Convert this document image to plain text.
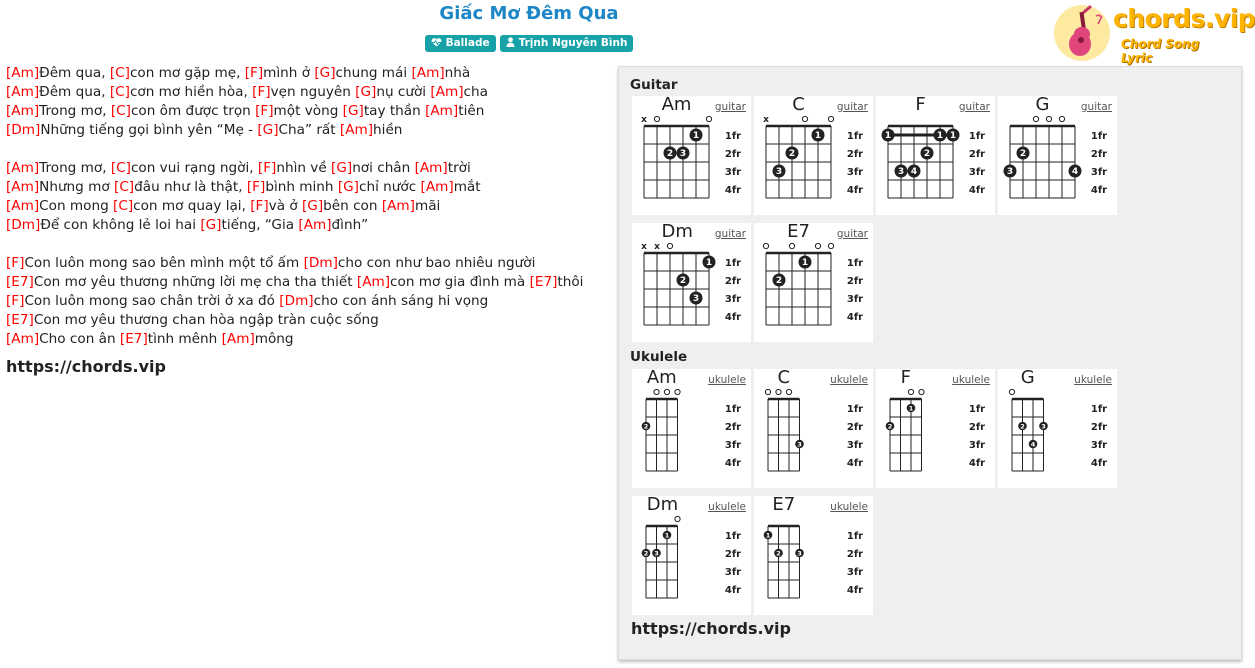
Giấc Mơ Đêm Qua
Ballade	Trịnh Nguyên Bình
chords.vip
Chord Song Lyric
[Am]Đêm qua, [C]con mơ gặp mẹ, [F]mình ở [G]chung mái [Am]nhà
[Am]Đêm qua, [C]cơn mơ hiền hòa, [F]vẹn nguyên [G]nụ cười [Am]cha
[Am]Trong mơ, [C]con ôm được trọn [F]một vòng [G]tay thần [Am]tiên
[Dm]Những tiếng gọi bình yên “Mẹ - [G]Cha” rất [Am]hiền
[Am]Trong mơ, [C]con vui rạng ngời, [F]nhìn về [G]nơi chân [Am]trời
[Am]Nhưng mơ [C]đâu như là thật, [F]bình minh [G]chỉ nước [Am]mắt
[Am]Con mong [C]con mơ quay lại, [F]và ở [G]bên con [Am]mãi
[Dm]Để con không lẻ loi hai [G]tiếng, “Gia [Am]đình”
[F]Con luôn mong sao bên mình một tổ ấm [Dm]cho con như bao nhiêu người
[E7]Con mơ yêu thương những lời mẹ cha tha thiết [Am]con mơ gia đình mà [E7]thôi
[F]Con luôn mong sao chân trời ở xa đó [Dm]cho con ánh sáng hi vọng
[E7]Con mơ yêu thương chan hòa ngập tràn cuộc sống
[Am]Cho con ân [E7]tình mênh [Am]mông
https://chords.vip
Guitar
Ukulele
https://chords.vip
x
1
2 3
1fr
2fr
3fr
4fr
Am guitar
x
1
2
3
1fr
2fr
3fr
4fr
C	guitar
1	1
1
2
3 4
1fr
2fr
3fr
4fr
F	guitar
2
3	4
1fr
2fr
3fr
4fr
G	guitar
x x
1
2
3
1fr
2fr
3fr
4fr
Dm guitar
1
2
1fr
2fr
3fr
4fr
E7	guitar
2
1fr
2fr
3fr
4fr
Am	ukulele
3
1fr
2fr
3fr
4fr
C	ukulele
2
1	1fr
2fr
3fr
4fr
F	ukulele
2	3
4
1fr
2fr
3fr
4fr
G	ukulele
2 3
1	1fr
2fr
3fr
4fr
Dm	ukulele
1
2	3
1fr
2fr
3fr
4fr
E7	ukulele
